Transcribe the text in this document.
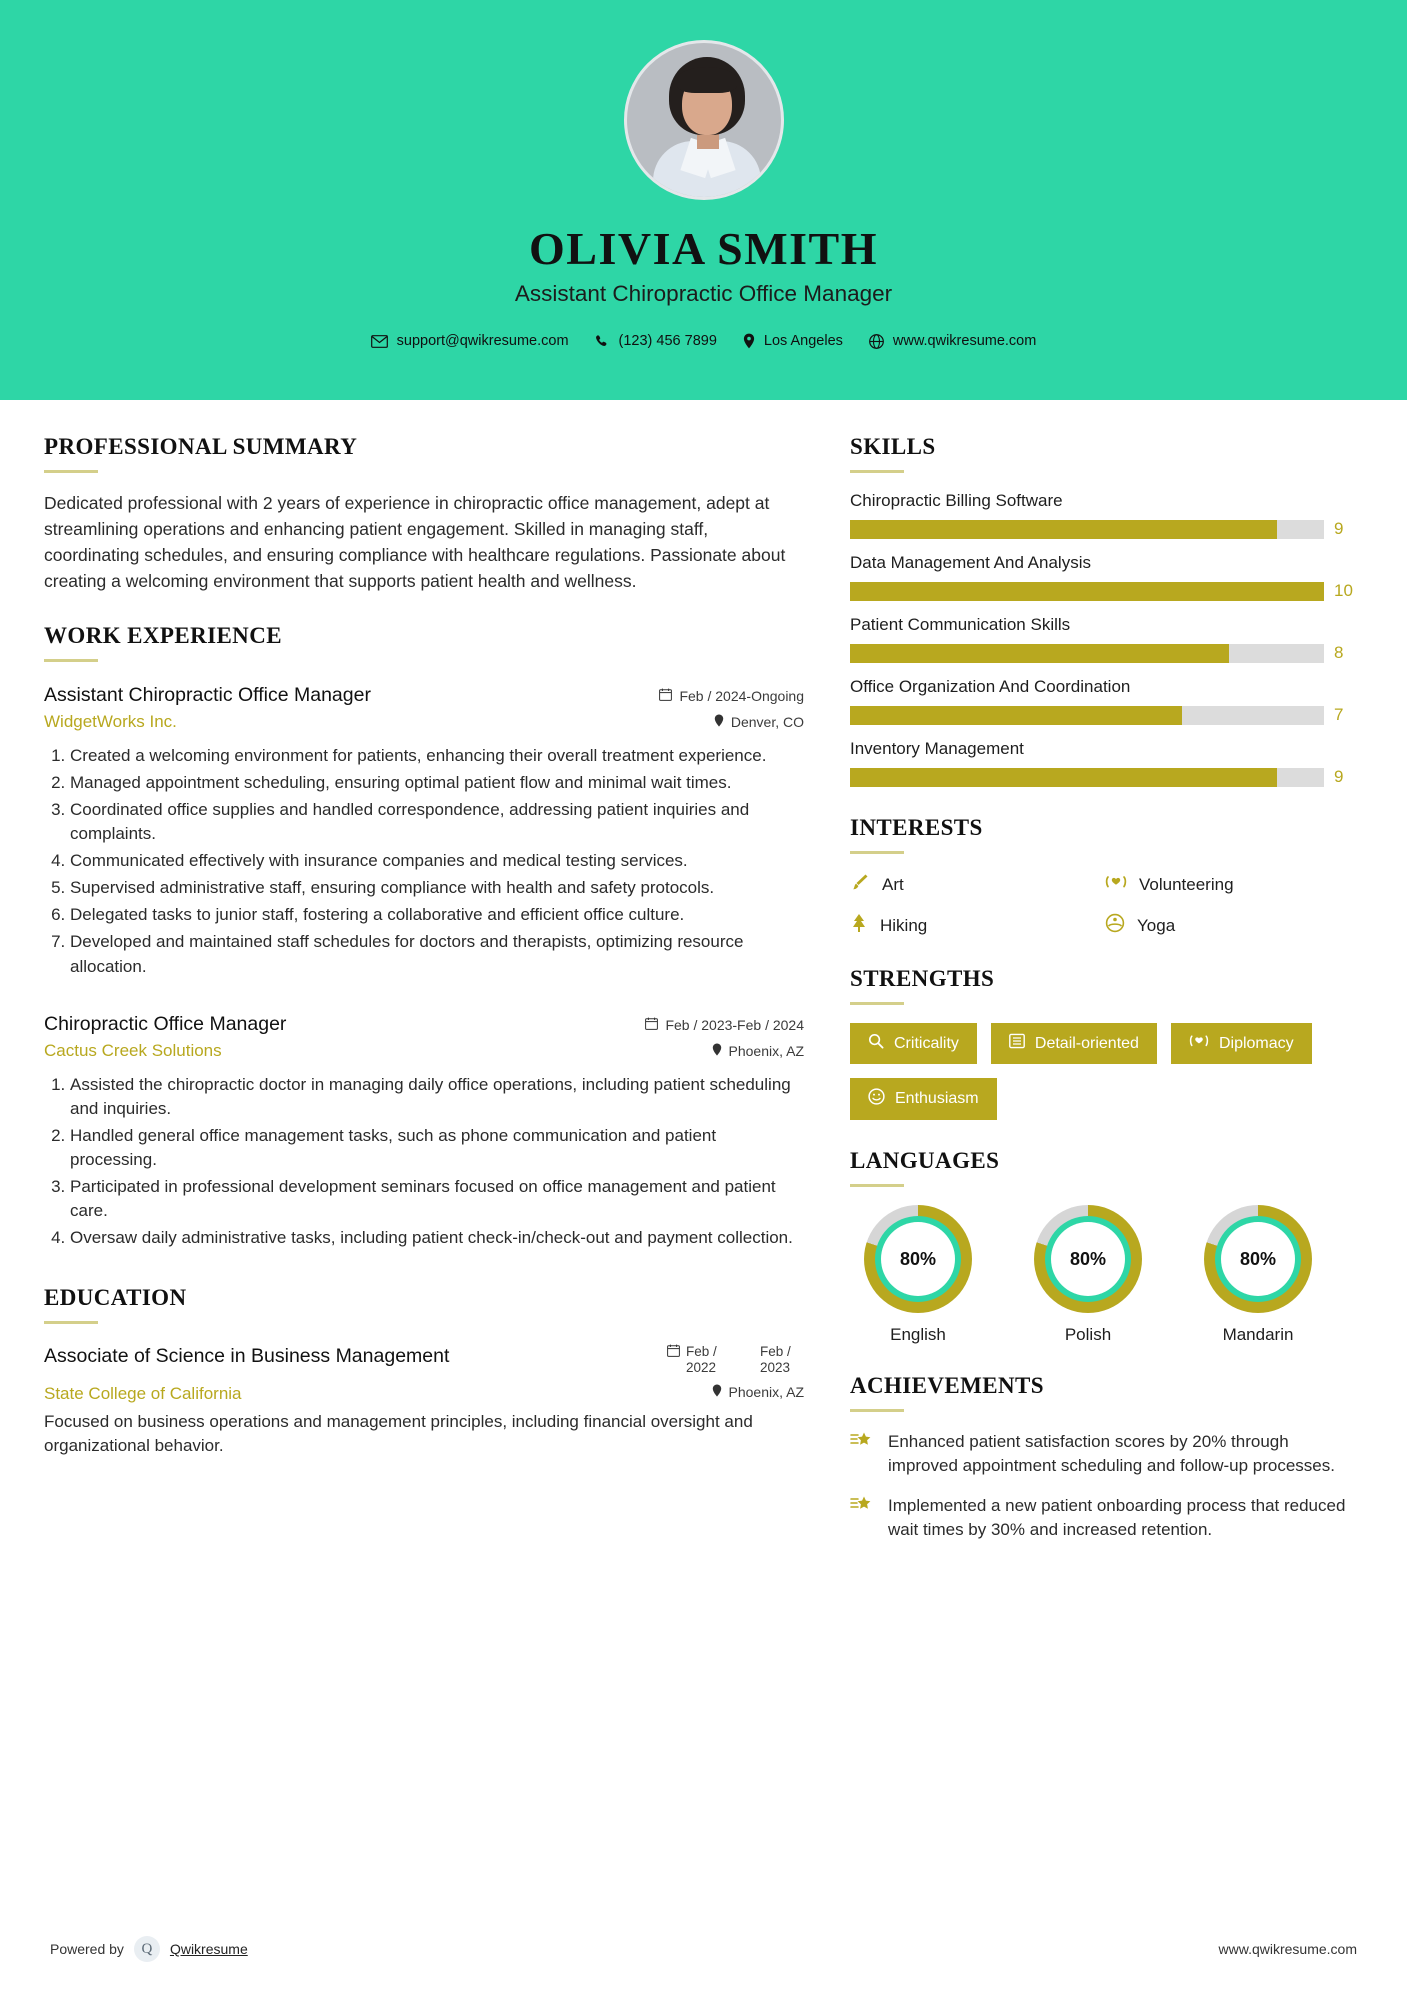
OLIVIA SMITH
Assistant Chiropractic Office Manager
support@qwikresume.com	(123) 456 7899	Los Angeles	www.qwikresume.com
PROFESSIONAL SUMMARY
Dedicated professional with 2 years of experience in chiropractic office management, adept at streamlining operations and enhancing patient engagement. Skilled in managing staff, coordinating schedules, and ensuring compliance with healthcare regulations. Passionate about creating a welcoming environment that supports patient health and wellness.
WORK EXPERIENCE
Assistant Chiropractic Office Manager	Feb / 2024-Ongoing
WidgetWorks Inc.	Denver, CO
1. Created a welcoming environment for patients, enhancing their overall treatment experience.
2. Managed appointment scheduling, ensuring optimal patient flow and minimal wait times.
3. Coordinated office supplies and handled correspondence, addressing patient inquiries and complaints.
4. Communicated effectively with insurance companies and medical testing services.
5. Supervised administrative staff, ensuring compliance with health and safety protocols.
6. Delegated tasks to junior staff, fostering a collaborative and efficient office culture.
7. Developed and maintained staff schedules for doctors and therapists, optimizing resource allocation.
Chiropractic Office Manager	Feb / 2023-Feb / 2024
Cactus Creek Solutions	Phoenix, AZ
1. Assisted the chiropractic doctor in managing daily office operations, including patient scheduling and inquiries.
2. Handled general office management tasks, such as phone communication and patient processing.
3. Participated in professional development seminars focused on office management and patient care.
4. Oversaw daily administrative tasks, including patient check-in/check-out and payment collection.
EDUCATION
Associate of Science in Business Management	Feb / 2022
Feb / 2023
State College of California	Phoenix, AZ
Focused on business operations and management principles, including financial oversight and organizational behavior.
SKILLS
Chiropractic Billing Software
9
Data Management And Analysis
10
Patient Communication Skills
8
Office Organization And Coordination
7
Inventory Management
9
INTERESTS
Art	Volunteering
Hiking	Yoga
STRENGTHS
Criticality	Detail-oriented	Diplomacy
Enthusiasm
LANGUAGES
80%
English
80%
Polish
80%
Mandarin
ACHIEVEMENTS
Enhanced patient satisfaction scores by 20% through improved appointment scheduling and follow-up processes.
Implemented a new patient onboarding process that reduced wait times by 30% and increased retention.
Powered by Q Qwikresume	www.qwikresume.com
